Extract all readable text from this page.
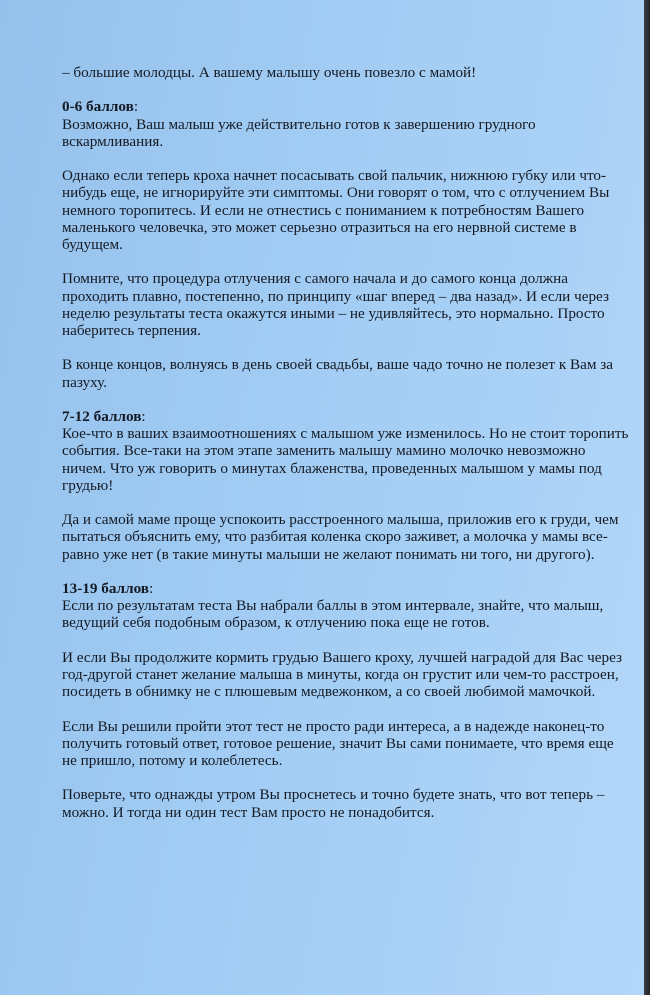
– большие молодцы. А вашему малышу очень повезло с мамой!

0-6 баллов:
Возможно, Ваш малыш уже действительно готов к завершению грудного вскармливания.

Однако если теперь кроха начнет посасывать свой пальчик, нижнюю губку или что-нибудь еще, не игнорируйте эти симптомы. Они говорят о том, что с отлучением Вы немного торопитесь. И если не отнестись с пониманием к потребностям Вашего маленького человечка, это может серьезно отразиться на его нервной системе в будущем.

Помните, что процедура отлучения с самого начала и до самого конца должна проходить плавно, постепенно, по принципу «шаг вперед – два назад». И если через неделю результаты теста окажутся иными – не удивляйтесь, это нормально. Просто наберитесь терпения.

В конце концов, волнуясь в день своей свадьбы, ваше чадо точно не полезет к Вам за пазуху.

7-12 баллов:
Кое-что в ваших взаимоотношениях с малышом уже изменилось. Но не стоит торопить события. Все-таки на этом этапе заменить малышу мамино молочко невозможно ничем. Что уж говорить о минутах блаженства, проведенных малышом у мамы под грудью!

Да и самой маме проще успокоить расстроенного малыша, приложив его к груди, чем пытаться объяснить ему, что разбитая коленка скоро заживет, а молочка у мамы все-равно уже нет (в такие минуты малыши не желают понимать ни того, ни другого).

13-19 баллов:
Если по результатам теста Вы набрали баллы в этом интервале, знайте, что малыш, ведущий себя подобным образом, к отлучению пока еще не готов.

И если Вы продолжите кормить грудью Вашего кроху, лучшей наградой для Вас через год-другой станет желание малыша в минуты, когда он грустит или чем-то расстроен, посидеть в обнимку не с плюшевым медвежонком, а со своей любимой мамочкой.

Если Вы решили пройти этот тест не просто ради интереса, а в надежде наконец-то получить готовый ответ, готовое решение, значит Вы сами понимаете, что время еще не пришло, потому и колеблетесь.

Поверьте, что однажды утром Вы проснетесь и точно будете знать, что вот теперь – можно. И тогда ни один тест Вам просто не понадобится.
